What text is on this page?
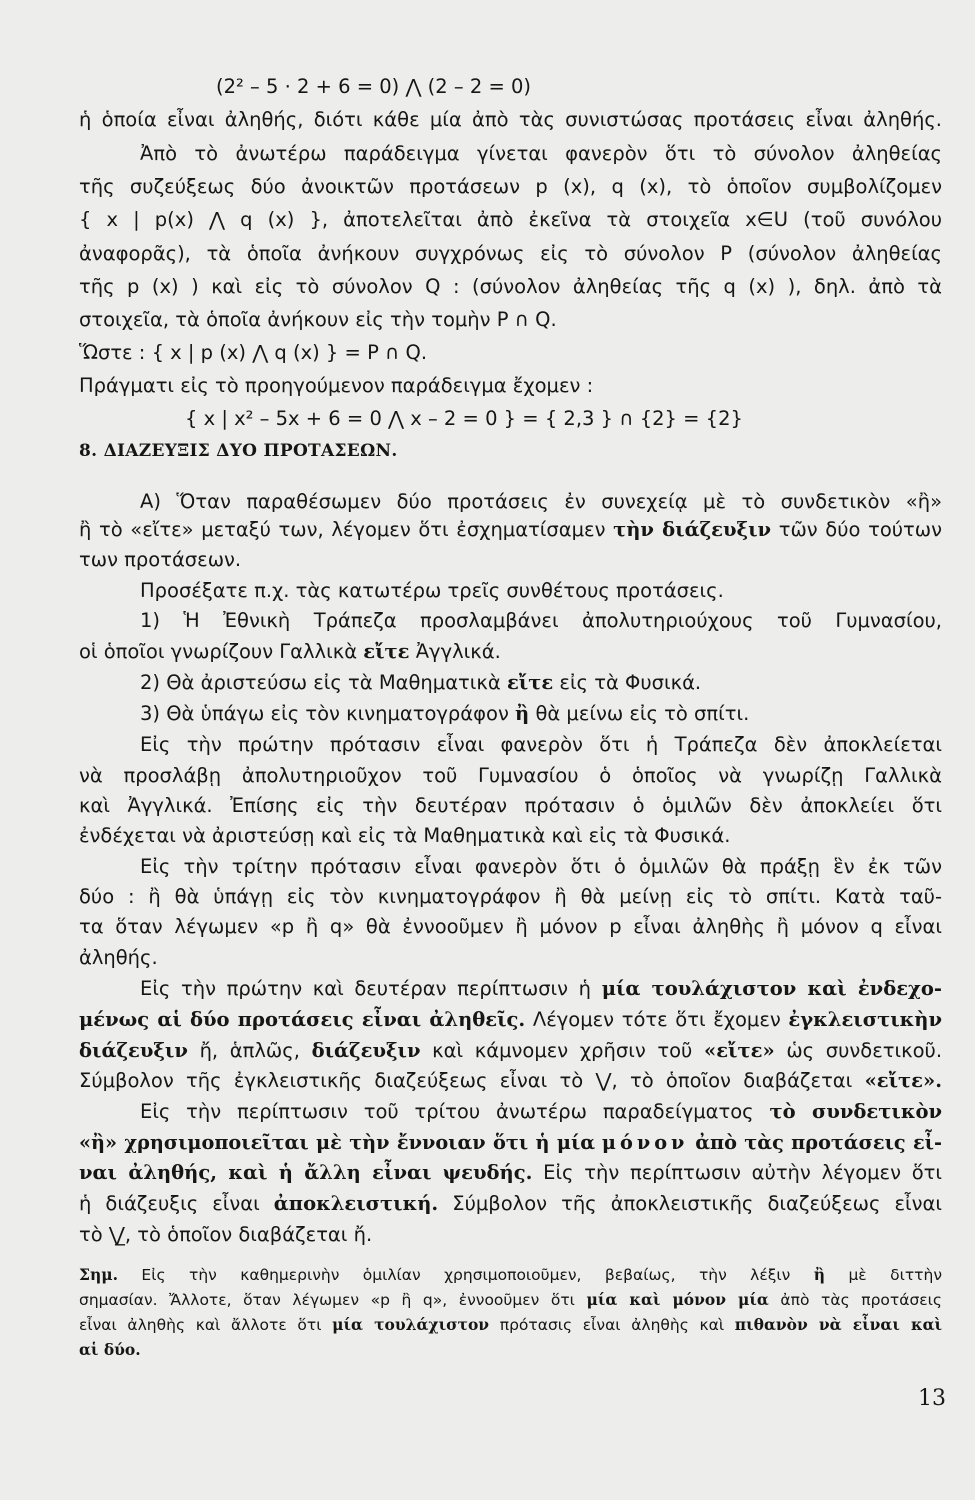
(2² – 5 · 2 + 6 = 0) ⋀ (2 – 2 = 0)
ἡ ὁποία εἶναι ἀληθής, διότι κάθε μία ἀπὸ τὰς συνιστώσας προτάσεις εἶναι ἀληθής.
Ἀπὸ τὸ ἀνωτέρω παράδειγμα γίνεται φανερὸν ὅτι τὸ σύνολον ἀληθείας
τῆς συζεύξεως δύο ἀνοικτῶν προτάσεων p (x), q (x), τὸ ὁποῖον συμβολίζομεν
{ x | p(x) ⋀ q (x) }, ἀποτελεῖται ἀπὸ ἐκεῖνα τὰ στοιχεῖα x∈U (τοῦ συνόλου
ἀναφορᾶς), τὰ ὁποῖα ἀνήκουν συγχρόνως εἰς τὸ σύνολον P (σύνολον ἀληθείας
τῆς p (x) ) καὶ εἰς τὸ σύνολον Q : (σύνολον ἀληθείας τῆς q (x) ), δηλ. ἀπὸ τὰ
στοιχεῖα, τὰ ὁποῖα ἀνήκουν εἰς τὴν τομὴν P ∩ Q.
Ὥστε : { x | p (x) ⋀ q (x) } = P ∩ Q.
Πράγματι εἰς τὸ προηγούμενον παράδειγμα ἔχομεν :
{ x | x² – 5x + 6 = 0 ⋀ x – 2 = 0 } = { 2,3 } ∩ {2} = {2}
8. ΔΙΑΖΕΥΞΙΣ ΔΥΟ ΠΡΟΤΑΣΕΩΝ.
Α) Ὅταν παραθέσωμεν δύο προτάσεις ἐν συνεχείᾳ μὲ τὸ συνδετικὸν «ἢ»
ἢ τὸ «εἴτε» μεταξύ των, λέγομεν ὅτι ἐσχηματίσαμεν τὴν διάζευξιν τῶν δύο τούτων
των προτάσεων.
Προσέξατε π.χ. τὰς κατωτέρω τρεῖς συνθέτους προτάσεις.
1) Ἡ Ἐθνικὴ Τράπεζα προσλαμβάνει ἀπολυτηριούχους τοῦ Γυμνασίου,
οἱ ὁποῖοι γνωρίζουν Γαλλικὰ εἴτε Ἀγγλικά.
2) Θὰ ἀριστεύσω εἰς τὰ Μαθηματικὰ εἴτε εἰς τὰ Φυσικά.
3) Θὰ ὑπάγω εἰς τὸν κινηματογράφον ἢ θὰ μείνω εἰς τὸ σπίτι.
Εἰς τὴν πρώτην πρότασιν εἶναι φανερὸν ὅτι ἡ Τράπεζα δὲν ἀποκλείεται
νὰ προσλάβῃ ἀπολυτηριοῦχον τοῦ Γυμνασίου ὁ ὁποῖος νὰ γνωρίζῃ Γαλλικὰ
καὶ Ἀγγλικά. Ἐπίσης εἰς τὴν δευτέραν πρότασιν ὁ ὁμιλῶν δὲν ἀποκλείει ὅτι
ἐνδέχεται νὰ ἀριστεύσῃ καὶ εἰς τὰ Μαθηματικὰ καὶ εἰς τὰ Φυσικά.
Εἰς τὴν τρίτην πρότασιν εἶναι φανερὸν ὅτι ὁ ὁμιλῶν θὰ πράξῃ ἓν ἐκ τῶν
δύο : ἢ θὰ ὑπάγῃ εἰς τὸν κινηματογράφον ἢ θὰ μείνῃ εἰς τὸ σπίτι. Κατὰ ταῦ-
τα ὅταν λέγωμεν «p ἢ q» θὰ ἐννοοῦμεν ἢ μόνον p εἶναι ἀληθὴς ἢ μόνον q εἶναι
ἀληθής.
Εἰς τὴν πρώτην καὶ δευτέραν περίπτωσιν ἡ μία τουλάχιστον καὶ ἐνδεχο-
μένως αἱ δύο προτάσεις εἶναι ἀληθεῖς. Λέγομεν τότε ὅτι ἔχομεν ἐγκλειστικὴν
διάζευξιν ἤ, ἁπλῶς, διάζευξιν καὶ κάμνομεν χρῆσιν τοῦ «εἴτε» ὡς συνδετικοῦ.
Σύμβολον τῆς ἐγκλειστικῆς διαζεύξεως εἶναι τὸ ⋁, τὸ ὁποῖον διαβάζεται «εἴτε».
Εἰς τὴν περίπτωσιν τοῦ τρίτου ἀνωτέρω παραδείγματος τὸ συνδετικὸν
«ἢ» χρησιμοποιεῖται μὲ τὴν ἔννοιαν ὅτι ἡ μία μόνον ἀπὸ τὰς προτάσεις εἶ-
ναι ἀληθής, καὶ ἡ ἄλλη εἶναι ψευδής. Εἰς τὴν περίπτωσιν αὐτὴν λέγομεν ὅτι
ἡ διάζευξις εἶναι ἀποκλειστική. Σύμβολον τῆς ἀποκλειστικῆς διαζεύξεως εἶναι
τὸ ⋁̲, τὸ ὁποῖον διαβάζεται ἤ.
Σημ. Εἰς τὴν καθημερινὴν ὁμιλίαν χρησιμοποιοῦμεν, βεβαίως, τὴν λέξιν ἢ μὲ διττὴν
σημασίαν. Ἄλλοτε, ὅταν λέγωμεν «p ἢ q», ἐννοοῦμεν ὅτι μία καὶ μόνον μία ἀπὸ τὰς προτάσεις
εἶναι ἀληθὴς καὶ ἄλλοτε ὅτι μία τουλάχιστον πρότασις εἶναι ἀληθὴς καὶ πιθανὸν νὰ εἶναι καὶ
αἱ δύο.
13
